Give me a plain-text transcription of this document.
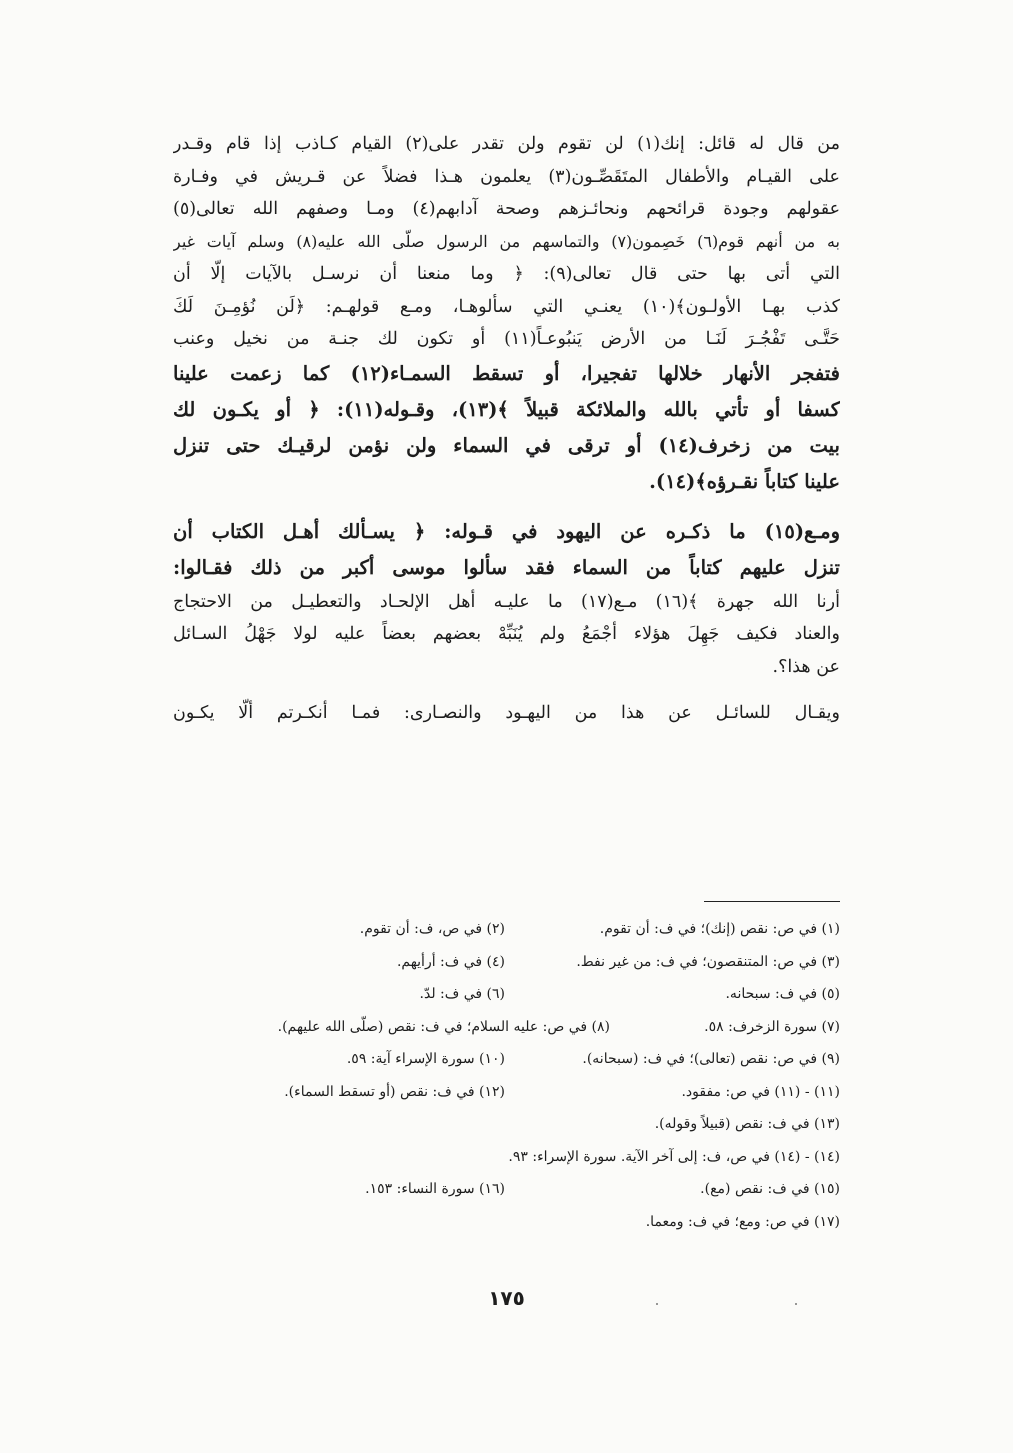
من قال له قائل: إنك(١) لن تقوم ولن تقدر على(٢) القيام كـاذب إذا قام وقـدر
على القيـام والأطفال المتَقَصِّـون(٣) يعلمون هـذا فضلاً عن قـريش في وفـارة
عقولهم وجودة قرائحهم ونحائـزهم وصحة آدابهم(٤) ومـا وصفهم الله تعالى(٥)
به من أنهم قوم(٦) خَصِمون(٧) والتماسهم من الرسول صلّى الله عليه(٨) وسلم آيات غير
التي أتى بها حتى قال تعالى(٩): ﴿ وما منعنا أن نرسـل بالآيات إلّا أن
كذب بهـا الأولـون﴾(١٠) يعنـي التي سألوهـا، ومـع قولهـم: ﴿لَن نُؤمِـنَ لَكَ
حَتَّـى تَفْجُـرَ لَنَـا من الأرض يَنبُوعـاً(١١) أو تكون لك جنـة من نخيل وعنب
فتفجر الأنهار خلالها تفجيرا، أو تسقط السمـاء(١٢) كما زعمت علينا
كسفا أو تأتي بالله والملائكة قبيلاً ﴾(١٣)، وقـوله(١١): ﴿ أو يكـون لك
بيت من زخرف(١٤) أو ترقى في السماء ولن نؤمن لرقيـك حتى تنزل
علينا كتاباً نقـرؤه﴾(١٤).
ومـع(١٥) ما ذكـره عن اليهود في قـوله: ﴿ يسـألك أهـل الكتاب أن
تنزل عليهم كتاباً من السماء فقد سألوا موسى أكبر من ذلك فقـالوا:
أرنا الله جهرة ﴾(١٦) مـع(١٧) ما عليـه أهل الإلحـاد والتعطيـل من الاحتجاج
والعناد فكيف جَهِلَ هؤلاء أجْمَعُ ولم يُنَبِّهْ بعضهم بعضاً عليه لولا جَهْلُ السـائل
عن هذا؟.
ويقـال للسائـل عن هذا من اليهـود والنصـارى: فمـا أنكـرتم ألّا يكـون
(١) في ص: نقص (إنك)؛ في ف: أن تقوم.
(٢) في ص، ف: أن تقوم.
(٣) في ص: المتنقصون؛ في ف: من غير نفط.
(٤) في ف: أرأيهم.
(٥) في ف: سبحانه.
(٦) في ف: لدّ.
(٧) سورة الزخرف: ٥٨.
(٨) في ص: عليه السلام؛ في ف: نقص (صلّى الله عليهم).
(٩) في ص: نقص (تعالى)؛ في ف: (سبحانه).
(١٠) سورة الإسراء آية: ٥٩.
(١١) - (١١) في ص: مفقود.
(١٢) في ف: نقص (أو تسقط السماء).
(١٣) في ف: نقص (قبيلاً وقوله).
(١٤) - (١٤) في ص، ف: إلى آخر الآية. سورة الإسراء: ٩٣.
(١٥) في ف: نقص (مع).
(١٦) سورة النساء: ١٥٣.
(١٧) في ص: ومع؛ في ف: ومعما.
١٧٥
